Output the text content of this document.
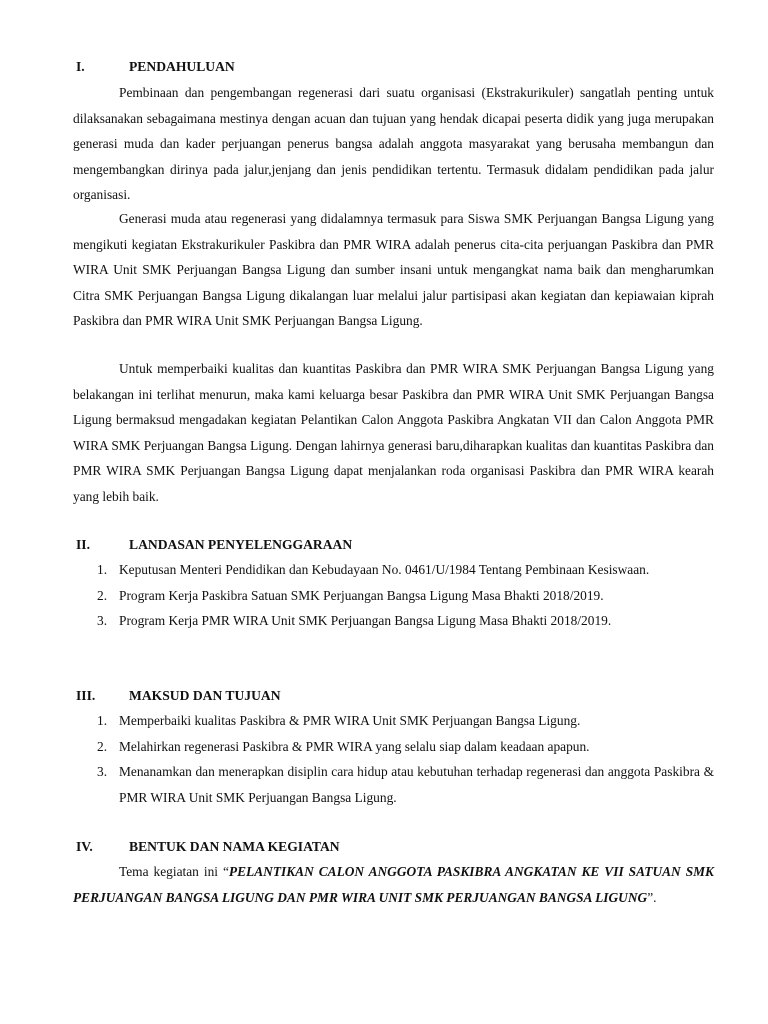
I.	PENDAHULUAN

Pembinaan dan pengembangan regenerasi dari suatu organisasi (Ekstrakurikuler) sangatlah penting untuk dilaksanakan sebagaimana mestinya dengan acuan dan tujuan yang hendak dicapai peserta didik yang juga merupakan generasi muda dan kader perjuangan penerus bangsa adalah anggota masyarakat yang berusaha membangun dan mengembangkan dirinya pada jalur,jenjang dan jenis pendidikan tertentu. Termasuk didalam pendidikan pada jalur organisasi.

Generasi muda atau regenerasi yang didalamnya termasuk para Siswa SMK Perjuangan Bangsa Ligung yang mengikuti kegiatan Ekstrakurikuler Paskibra dan PMR WIRA adalah penerus cita-cita perjuangan Paskibra dan PMR WIRA Unit SMK Perjuangan Bangsa Ligung dan sumber insani untuk mengangkat nama baik dan mengharumkan Citra SMK Perjuangan Bangsa Ligung dikalangan luar melalui jalur partisipasi akan kegiatan dan kepiawaian kiprah Paskibra dan PMR WIRA Unit SMK Perjuangan Bangsa Ligung.

Untuk memperbaiki kualitas dan kuantitas Paskibra dan PMR WIRA SMK Perjuangan Bangsa Ligung yang belakangan ini terlihat menurun, maka kami keluarga besar Paskibra dan PMR WIRA Unit SMK Perjuangan Bangsa Ligung bermaksud mengadakan kegiatan Pelantikan Calon Anggota Paskibra Angkatan VII dan Calon Anggota PMR WIRA SMK Perjuangan Bangsa Ligung. Dengan lahirnya generasi baru,diharapkan kualitas dan kuantitas Paskibra dan PMR WIRA SMK Perjuangan Bangsa Ligung dapat menjalankan roda organisasi Paskibra dan PMR WIRA kearah yang lebih baik.

II.	LANDASAN PENYELENGGARAAN
1. Keputusan Menteri Pendidikan dan Kebudayaan No. 0461/U/1984 Tentang Pembinaan Kesiswaan.
2. Program Kerja Paskibra Satuan SMK Perjuangan Bangsa Ligung Masa Bhakti 2018/2019.
3. Program Kerja PMR WIRA Unit SMK Perjuangan Bangsa Ligung Masa Bhakti 2018/2019.
III. MAKSUD DAN TUJUAN
1. Memperbaiki kualitas Paskibra & PMR WIRA Unit SMK Perjuangan Bangsa Ligung.
2. Melahirkan regenerasi Paskibra & PMR WIRA yang selalu siap dalam keadaan apapun.
3. Menanamkan dan menerapkan disiplin cara hidup atau kebutuhan terhadap regenerasi dan anggota Paskibra & PMR WIRA Unit SMK Perjuangan Bangsa Ligung.
IV.	BENTUK DAN NAMA KEGIATAN

Tema kegiatan ini “PELANTIKAN CALON ANGGOTA PASKIBRA ANGKATAN KE VII SATUAN SMK PERJUANGAN BANGSA LIGUNG DAN PMR WIRA UNIT SMK PERJUANGAN BANGSA LIGUNG”.
